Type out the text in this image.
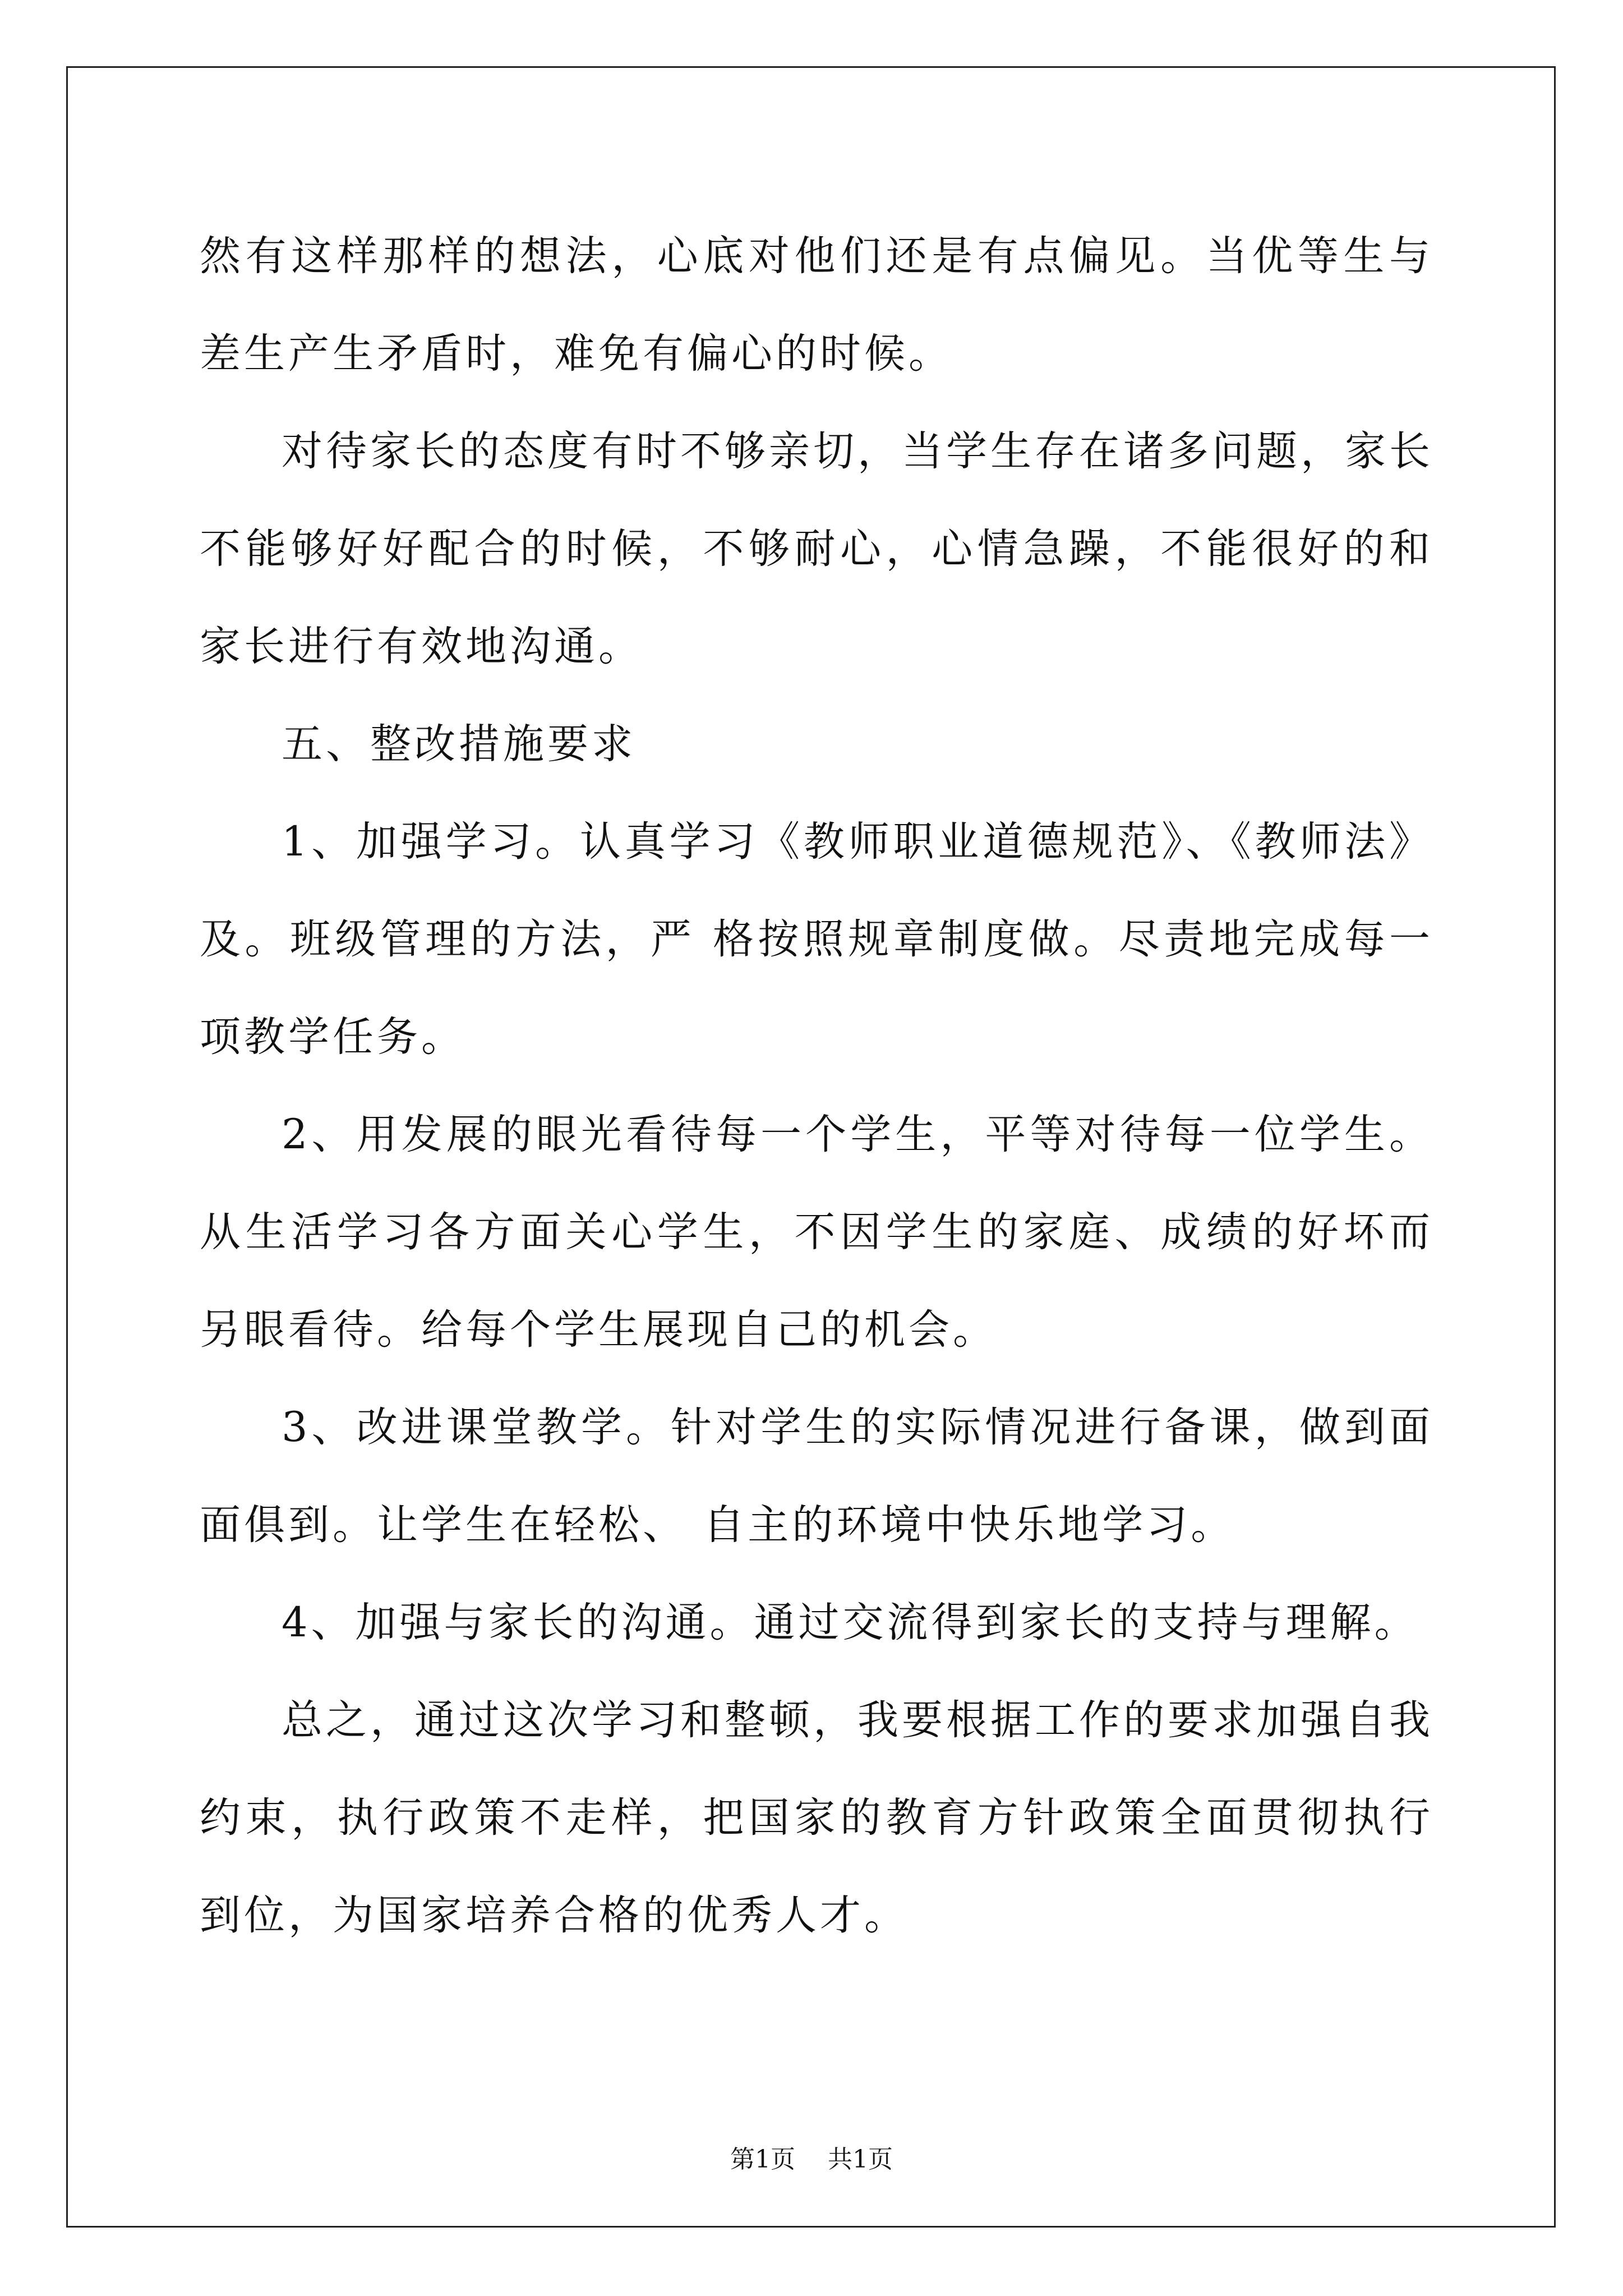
然有这样那样的想法，心底对他们还是有点偏见。当优等生与差生产生矛盾时，难免有偏心的时候。

对待家长的态度有时不够亲切，当学生存在诸多问题，家长不能够好好配合的时候，不够耐心，心情急躁，不能很好的和家长进行有效地沟通。

五、整改措施要求

1、加强学习。认真学习《教师职业道德规范》、《教师法》及。班级管理的方法，严 格按照规章制度做。尽责地完成每一项教学任务。

2、用发展的眼光看待每一个学生，平等对待每一位学生。从生活学习各方面关心学生，不因学生的家庭、成绩的好坏而另眼看待。给每个学生展现自己的机会。

3、改进课堂教学。针对学生的实际情况进行备课，做到面面俱到。让学生在轻松、 自主的环境中快乐地学习。

4、加强与家长的沟通。通过交流得到家长的支持与理解。

总之，通过这次学习和整顿，我要根据工作的要求加强自我约束，执行政策不走样，把国家的教育方针政策全面贯彻执行到位，为国家培养合格的优秀人才。

第1页 共1页
